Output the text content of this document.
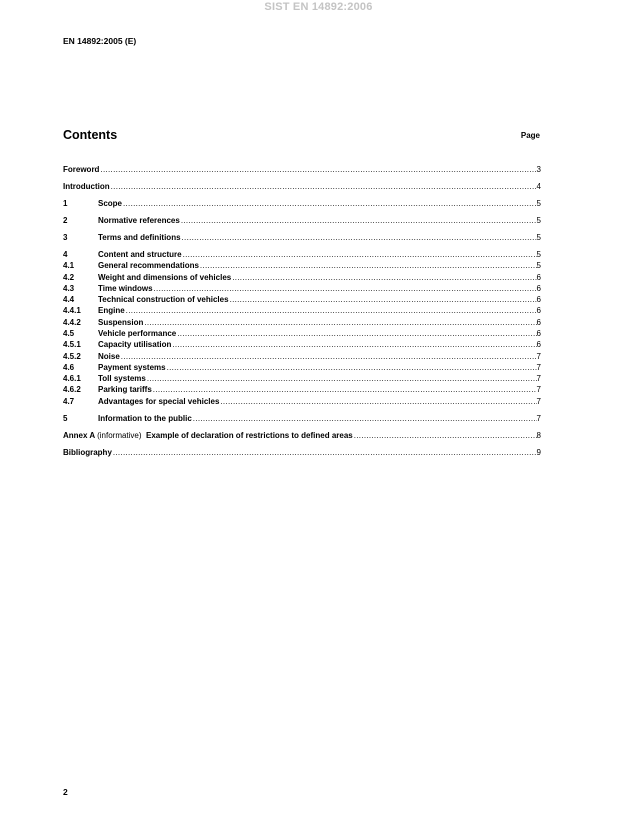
SIST EN 14892:2006
EN 14892:2005 (E)
Contents	Page
Foreword .....	3
Introduction .....	4
1	Scope .....	5
2	Normative references .....	5
3	Terms and definitions .....	5
4	Content and structure .....	5
4.1	General recommendations .....	5
4.2	Weight and dimensions of vehicles .....	6
4.3	Time windows .....	6
4.4	Technical construction of vehicles .....	6
4.4.1	Engine .....	6
4.4.2	Suspension .....	6
4.5	Vehicle performance .....	6
4.5.1	Capacity utilisation .....	6
4.5.2	Noise .....	7
4.6	Payment systems .....	7
4.6.1	Toll systems .....	7
4.6.2	Parking tariffs .....	7
4.7	Advantages for special vehicles .....	7
5	Information to the public .....	7
Annex A (informative) Example of declaration of restrictions to defined areas .....	8
Bibliography .....	9
2
